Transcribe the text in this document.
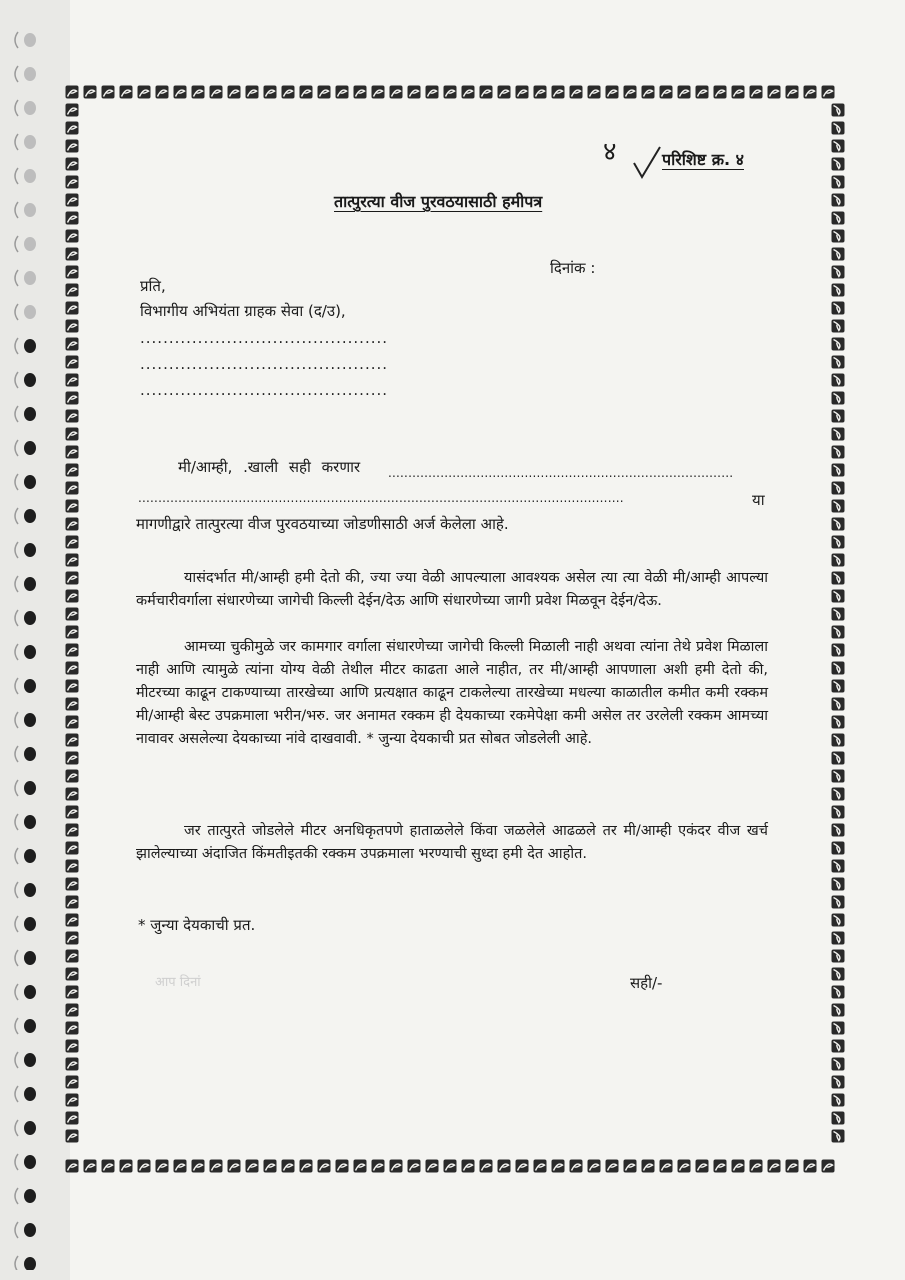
४	परिशिष्ट क्र. ४
तात्पुरत्या वीज पुरवठयासाठी हमीपत्र
दिनांक :
प्रति,
विभागीय अभियंता ग्राहक सेवा (द/उ),
...........................................
...........................................
...........................................
मी/आम्ही, .खाली सही करणार ......................................................................................
.........................................................................................................................	या
मागणीद्वारे तात्पुरत्या वीज पुरवठयाच्या जोडणीसाठी अर्ज केलेला आहे.
यासंदर्भात मी/आम्ही हमी देतो की, ज्या ज्या वेळी आपल्याला आवश्यक असेल त्या त्या वेळी मी/आम्ही आपल्या कर्मचारीवर्गाला संधारणेच्या जागेची किल्ली देईन/देऊ आणि संधारणेच्या जागी प्रवेश मिळवून देईन/देऊ.
आमच्या चुकीमुळे जर कामगार वर्गाला संधारणेच्या जागेची किल्ली मिळाली नाही अथवा त्यांना तेथे प्रवेश मिळाला नाही आणि त्यामुळे त्यांना योग्य वेळी तेथील मीटर काढता आले नाहीत, तर मी/आम्ही आपणाला अशी हमी देतो की, मीटरच्या काढून टाकण्याच्या तारखेच्या आणि प्रत्यक्षात काढून टाकलेल्या तारखेच्या मधल्या काळातील कमीत कमी रक्कम मी/आम्ही बेस्ट उपक्रमाला भरीन/भरु. जर अनामत रक्कम ही देयकाच्या रकमेपेक्षा कमी असेल तर उरलेली रक्कम आमच्या नावावर असलेल्या देयकाच्या नांवे दाखवावी. * जुन्या देयकाची प्रत सोबत जोडलेली आहे.
जर तात्पुरते जोडलेले मीटर अनधिकृतपणे हाताळलेले किंवा जळलेले आढळले तर मी/आम्ही एकंदर वीज खर्च झालेल्याच्या अंदाजित किंमतीइतकी रक्कम उपक्रमाला भरण्याची सुध्दा हमी देत आहोत.
* जुन्या देयकाची प्रत.
आप दिनां	सही/-
